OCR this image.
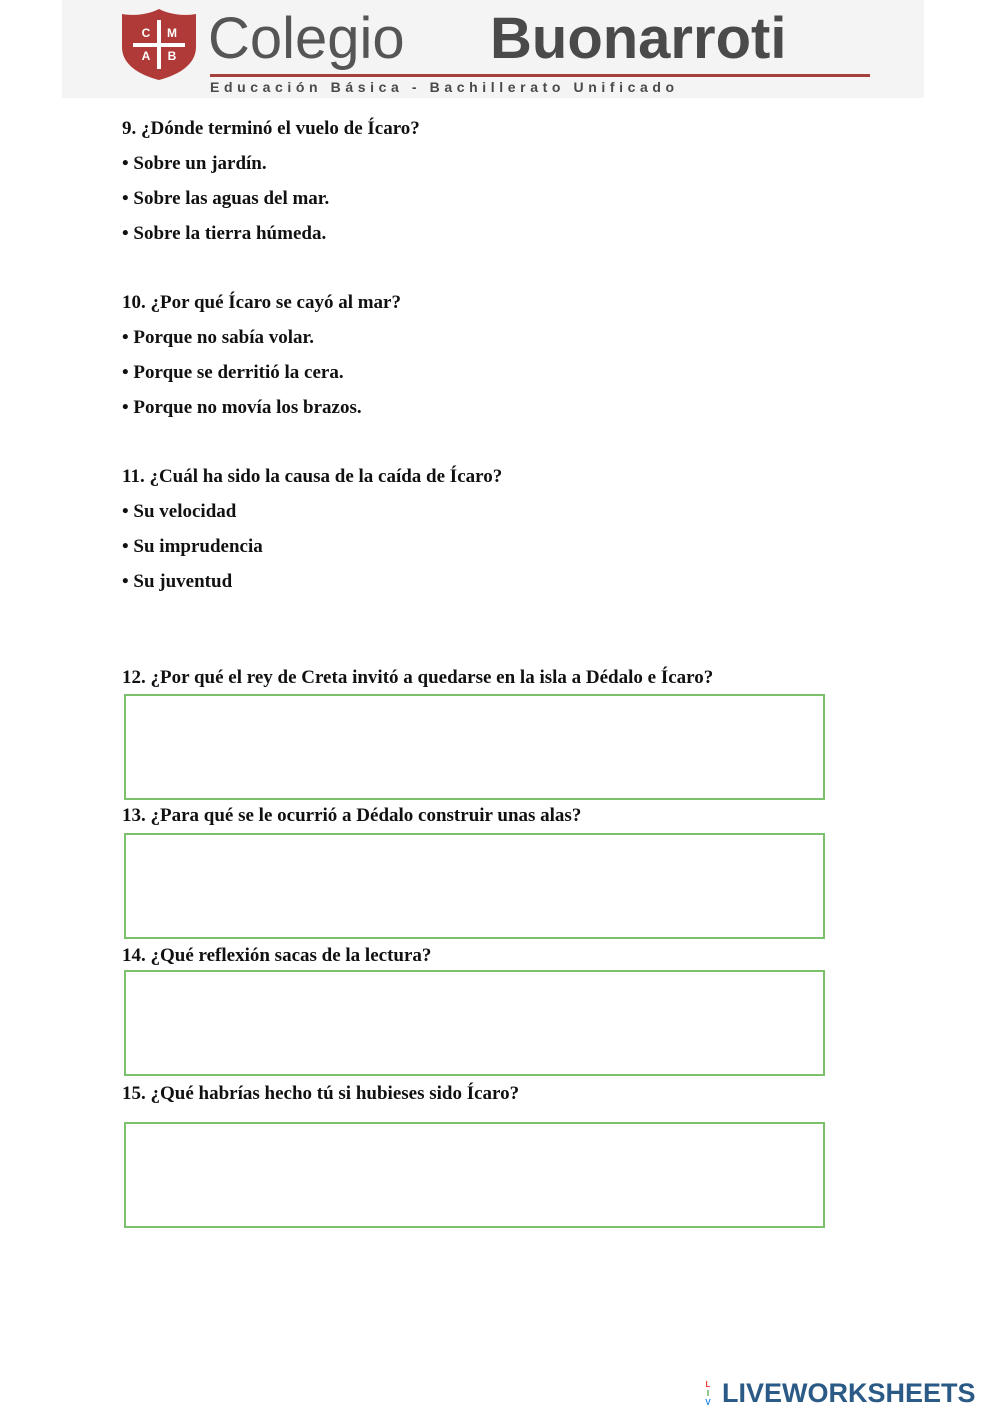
C M
A B Colegio Buonarroti
Educación Básica - Bachillerato Unificado

9. ¿Dónde terminó el vuelo de Ícaro?

• Sobre un jardín.

• Sobre las aguas del mar.

• Sobre la tierra húmeda.

10. ¿Por qué Ícaro se cayó al mar?

• Porque no sabía volar.

• Porque se derritió la cera.

• Porque no movía los brazos.

11. ¿Cuál ha sido la causa de la caída de Ícaro?

• Su velocidad

• Su imprudencia

• Su juventud

12. ¿Por qué el rey de Creta invitó a quedarse en la isla a Dédalo e Ícaro?

13. ¿Para qué se le ocurrió a Dédalo construir unas alas?

14. ¿Qué reflexión sacas de la lectura?

15. ¿Qué habrías hecho tú si hubieses sido Ícaro?

L
I
V LIVEWORKSHEETS
